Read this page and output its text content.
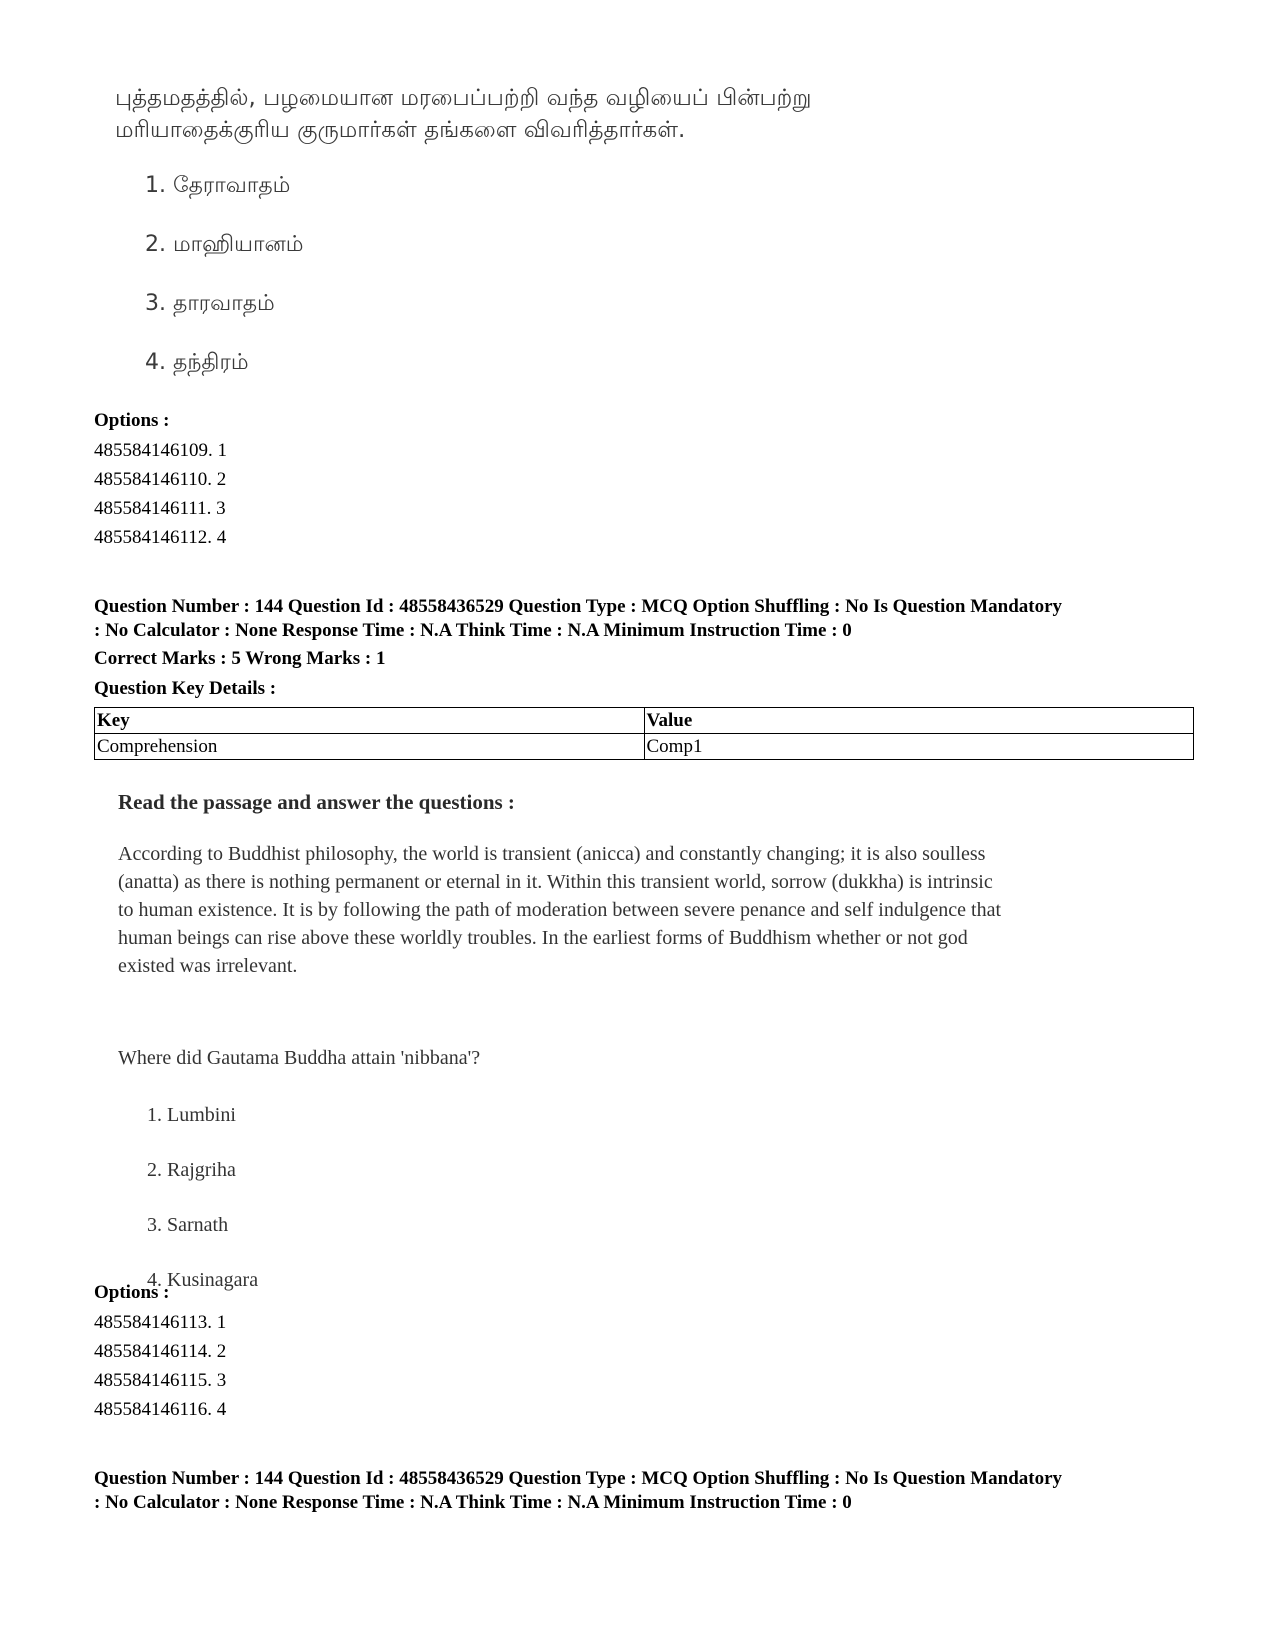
புத்தமதத்தில், பழமையான மரபைப்பற்றி வந்த வழியைப் பின்பற்று
மரியாதைக்குரிய குருமார்கள் தங்களை விவரித்தார்கள்.
1. தேராவாதம்
2. மாஹியானம்
3. தாரவாதம்
4. தந்திரம்
Options :
485584146109. 1
485584146110. 2
485584146111. 3
485584146112. 4
Question Number : 144 Question Id : 48558436529 Question Type : MCQ Option Shuffling : No Is Question Mandatory
: No Calculator : None Response Time : N.A Think Time : N.A Minimum Instruction Time : 0
Correct Marks : 5 Wrong Marks : 1
Question Key Details :
Key	Value
Comprehension	Comp1
Read the passage and answer the questions :
According to Buddhist philosophy, the world is transient (anicca) and constantly changing; it is also soulless
(anatta) as there is nothing permanent or eternal in it. Within this transient world, sorrow (dukkha) is intrinsic
to human existence. It is by following the path of moderation between severe penance and self indulgence that
human beings can rise above these worldly troubles. In the earliest forms of Buddhism whether or not god
existed was irrelevant.
Where did Gautama Buddha attain 'nibbana'?
1. Lumbini
2. Rajgriha
3. Sarnath
4. Kusinagara
Options :
485584146113. 1
485584146114. 2
485584146115. 3
485584146116. 4
Question Number : 144 Question Id : 48558436529 Question Type : MCQ Option Shuffling : No Is Question Mandatory
: No Calculator : None Response Time : N.A Think Time : N.A Minimum Instruction Time : 0
